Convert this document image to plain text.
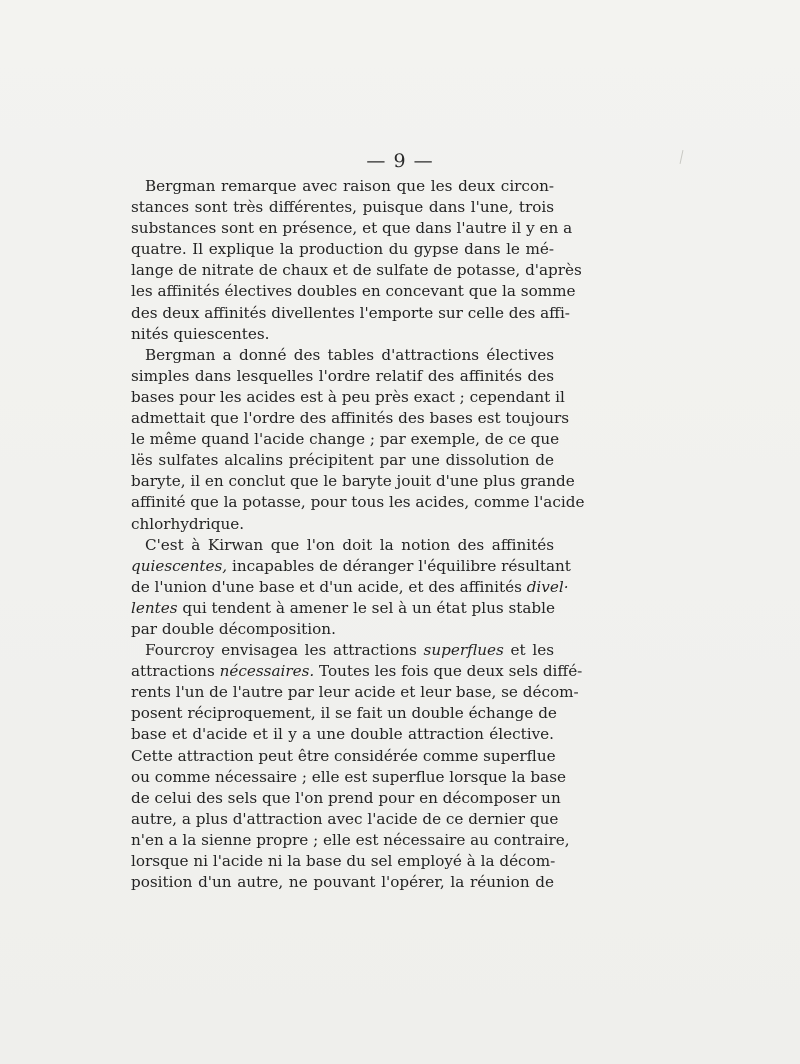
— 9 —
Bergman remarque avec raison que les deux circon-
stances sont très différentes, puisque dans l'une, trois
substances sont en présence, et que dans l'autre il y en a
quatre. Il explique la production du gypse dans le mé-
lange de nitrate de chaux et de sulfate de potasse, d'après
les affinités électives doubles en concevant que la somme
des deux affinités divellentes l'emporte sur celle des affi-
nités quiescentes.
Bergman a donné des tables d'attractions électives
simples dans lesquelles l'ordre relatif des affinités des
bases pour les acides est à peu près exact ; cependant il
admettait que l'ordre des affinités des bases est toujours
le même quand l'acide change ; par exemple, de ce que
lës sulfates alcalins précipitent par une dissolution de
baryte, il en conclut que le baryte jouit d'une plus grande
affinité que la potasse, pour tous les acides, comme l'acide
chlorhydrique.
C'est à Kirwan que l'on doit la notion des affinités
quiescentes, incapables de déranger l'équilibre résultant
de l'union d'une base et d'un acide, et des affinités divel·
lentes qui tendent à amener le sel à un état plus stable
par double décomposition.
Fourcroy envisagea les attractions superflues et les
attractions nécessaires. Toutes les fois que deux sels diffé-
rents l'un de l'autre par leur acide et leur base, se décom-
posent réciproquement, il se fait un double échange de
base et d'acide et il y a une double attraction élective.
Cette attraction peut être considérée comme superflue
ou comme nécessaire ; elle est superflue lorsque la base
de celui des sels que l'on prend pour en décomposer un
autre, a plus d'attraction avec l'acide de ce dernier que
n'en a la sienne propre ; elle est nécessaire au contraire,
lorsque ni l'acide ni la base du sel employé à la décom-
position d'un autre, ne pouvant l'opérer, la réunion de
